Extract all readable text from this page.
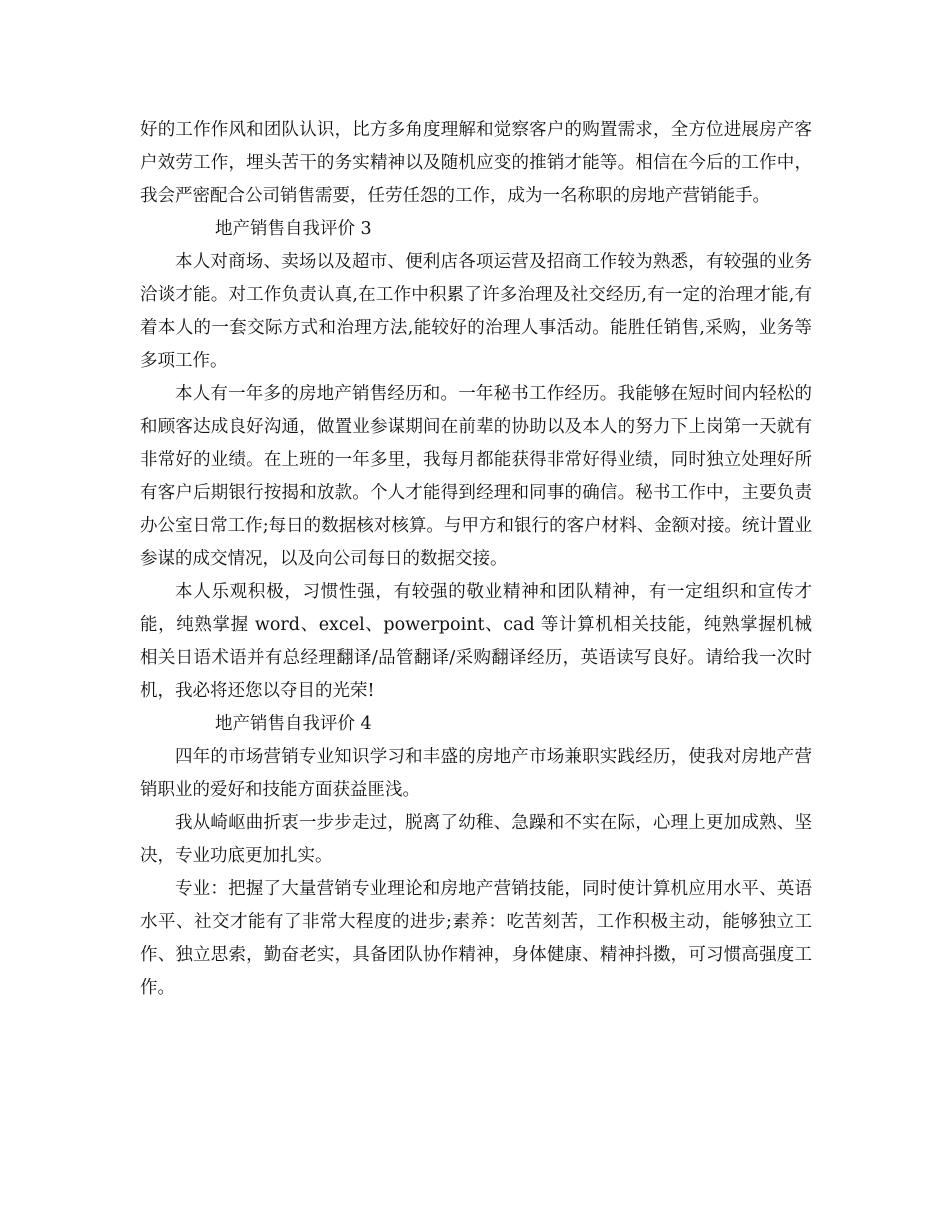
好的工作作风和团队认识，比方多角度理解和觉察客户的购置需求，全方位进展房产客户效劳工作，埋头苦干的务实精神以及随机应变的推销才能等。相信在今后的工作中，我会严密配合公司销售需要，任劳任怨的工作，成为一名称职的房地产营销能手。

地产销售自我评价 3

本人对商场、卖场以及超市、便利店各项运营及招商工作较为熟悉，有较强的业务洽谈才能。对工作负责认真,在工作中积累了许多治理及社交经历,有一定的治理才能,有着本人的一套交际方式和治理方法,能较好的治理人事活动。能胜任销售,采购，业务等多项工作。

本人有一年多的房地产销售经历和。一年秘书工作经历。我能够在短时间内轻松的和顾客达成良好沟通，做置业参谋期间在前辈的协助以及本人的努力下上岗第一天就有非常好的业绩。在上班的一年多里，我每月都能获得非常好得业绩，同时独立处理好所有客户后期银行按揭和放款。个人才能得到经理和同事的确信。秘书工作中，主要负责办公室日常工作;每日的数据核对核算。与甲方和银行的客户材料、金额对接。统计置业参谋的成交情况，以及向公司每日的数据交接。

本人乐观积极，习惯性强，有较强的敬业精神和团队精神，有一定组织和宣传才能，纯熟掌握 word、excel、powerpoint、cad 等计算机相关技能，纯熟掌握机械相关日语术语并有总经理翻译/品管翻译/采购翻译经历，英语读写良好。请给我一次时机，我必将还您以夺目的光荣!

地产销售自我评价 4

四年的市场营销专业知识学习和丰盛的房地产市场兼职实践经历，使我对房地产营销职业的爱好和技能方面获益匪浅。

我从崎岖曲折衷一步步走过，脱离了幼稚、急躁和不实在际，心理上更加成熟、坚决，专业功底更加扎实。

专业：把握了大量营销专业理论和房地产营销技能，同时使计算机应用水平、英语水平、社交才能有了非常大程度的进步;素养：吃苦刻苦，工作积极主动，能够独立工作、独立思索，勤奋老实，具备团队协作精神，身体健康、精神抖擞，可习惯高强度工作。
